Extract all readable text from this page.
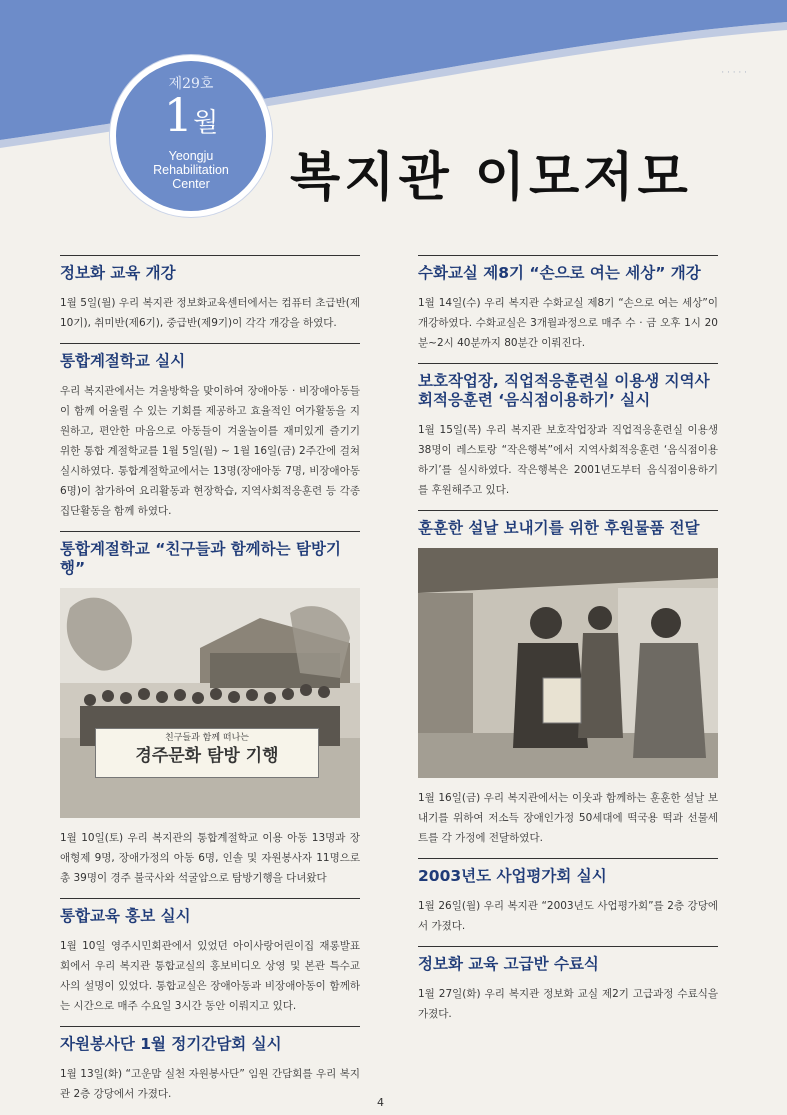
· · · · ·
제29호
1월
Yeongju
Rehabilitation
Center	복지관 이모저모
정보화 교육 개강

1월 5일(월) 우리 복지관 정보화교육센터에서는 컴퓨터 초급반(제10기), 취미반(제6기), 중급반(제9기)이 각각 개강을 하였다.

통합계절학교 실시

우리 복지관에서는 겨울방학을 맞이하여 장애아동 · 비장애아동들이 함께 어울릴 수 있는 기회를 제공하고 효율적인 여가활동을 지원하고, 편안한 마음으로 아동들이 겨울놀이를 재미있게 즐기기 위한 통합 계절학교를 1월 5일(월) ~ 1월 16일(금) 2주간에 걸쳐 실시하였다. 통합계절학교에서는 13명(장애아동 7명, 비장애아동 6명)이 참가하여 요리활동과 현장학습, 지역사회적응훈련 등 각종 집단활동을 함께 하였다.

통합계절학교 “친구들과 함께하는 탐방기행”
친구들과 함께 떠나는
경주문화 탐방 기행

1월 10일(토) 우리 복지관의 통합계절학교 이용 아동 13명과 장애형제 9명, 장애가정의 아동 6명, 인솔 및 자원봉사자 11명으로 총 39명이 경주 불국사와 석굴암으로 탐방기행을 다녀왔다

통합교육 홍보 실시

1월 10일 영주시민회관에서 있었던 아이사랑어린이집 재롱발표회에서 우리 복지관 통합교실의 홍보비디오 상영 및 본관 특수교사의 설명이 있었다. 통합교실은 장애아동과 비장애아동이 함께하는 시간으로 매주 수요일 3시간 동안 이뤄지고 있다.

자원봉사단 1월 정기간담회 실시

1월 13일(화) “고운맘 실천 자원봉사단” 임원 간담회를 우리 복지관 2층 강당에서 가졌다.

수화교실 제8기 “손으로 여는 세상” 개강

1월 14일(수) 우리 복지관 수화교실 제8기 “손으로 여는 세상”이 개강하였다. 수화교실은 3개월과정으로 매주 수 · 금 오후 1시 20분~2시 40분까지 80분간 이뤄진다.

보호작업장, 직업적응훈련실 이용생 지역사회적응훈련 ‘음식점이용하기’ 실시

1월 15일(목) 우리 복지관 보호작업장과 직업적응훈련실 이용생 38명이 레스토랑 “작은행복”에서 지역사회적응훈련 ‘음식점이용하기’를 실시하였다. 작은행복은 2001년도부터 음식점이용하기를 후원해주고 있다.

훈훈한 설날 보내기를 위한 후원물품 전달

1월 16일(금) 우리 복지관에서는 이웃과 함께하는 훈훈한 설날 보내기를 위하여 저소득 장애인가정 50세대에 떡국용 떡과 선물세트를 각 가정에 전달하였다.

2003년도 사업평가회 실시

1월 26일(월) 우리 복지관 “2003년도 사업평가회”를 2층 강당에서 가졌다.

정보화 교육 고급반 수료식

1월 27일(화) 우리 복지관 정보화 교실 제2기 고급과정 수료식을 가졌다.

4
